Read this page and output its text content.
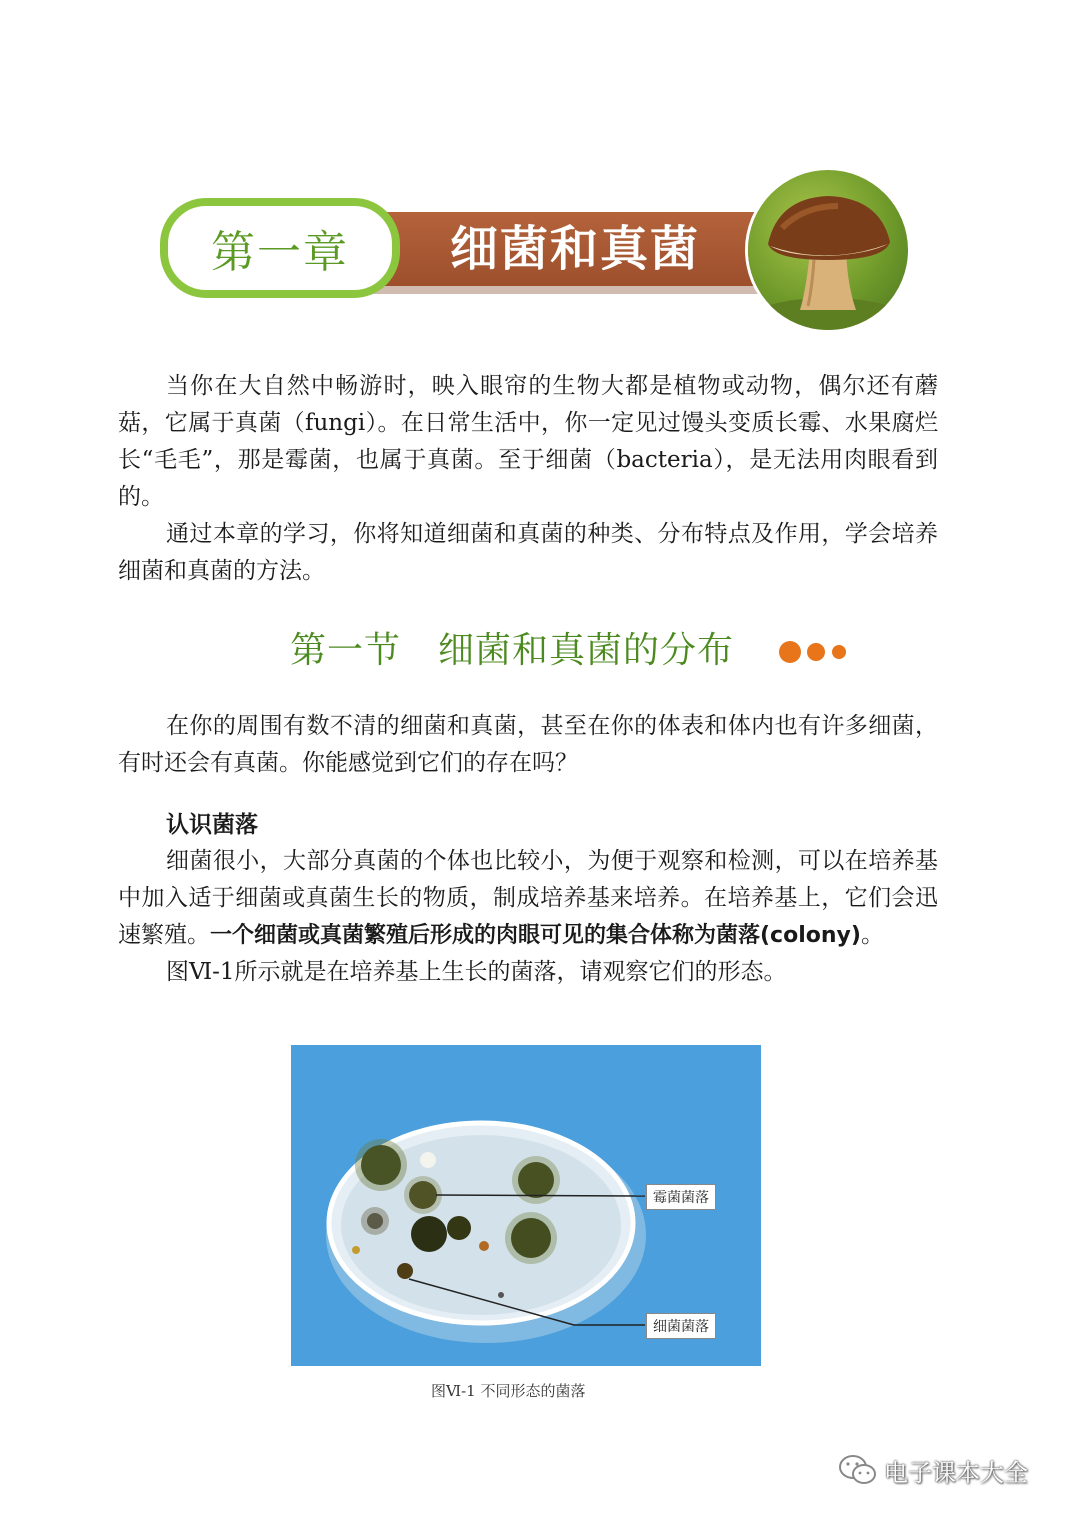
第一章 细菌和真菌

当你在大自然中畅游时，映入眼帘的生物大都是植物或动物，偶尔还有蘑菇，它属于真菌（fungi）。在日常生活中，你一定见过馒头变质长霉、水果腐烂长“毛毛”，那是霉菌，也属于真菌。至于细菌（bacteria），是无法用肉眼看到的。

通过本章的学习，你将知道细菌和真菌的种类、分布特点及作用，学会培养细菌和真菌的方法。

第一节　细菌和真菌的分布

在你的周围有数不清的细菌和真菌，甚至在你的体表和体内也有许多细菌，有时还会有真菌。你能感觉到它们的存在吗？

认识菌落

细菌很小，大部分真菌的个体也比较小，为便于观察和检测，可以在培养基中加入适于细菌或真菌生长的物质，制成培养基来培养。在培养基上，它们会迅速繁殖。一个细菌或真菌繁殖后形成的肉眼可见的集合体称为菌落(colony)。

图Ⅵ-1所示就是在培养基上生长的菌落，请观察它们的形态。

霉菌菌落
细菌菌落
图Ⅵ-1 不同形态的菌落
电子课本大全
